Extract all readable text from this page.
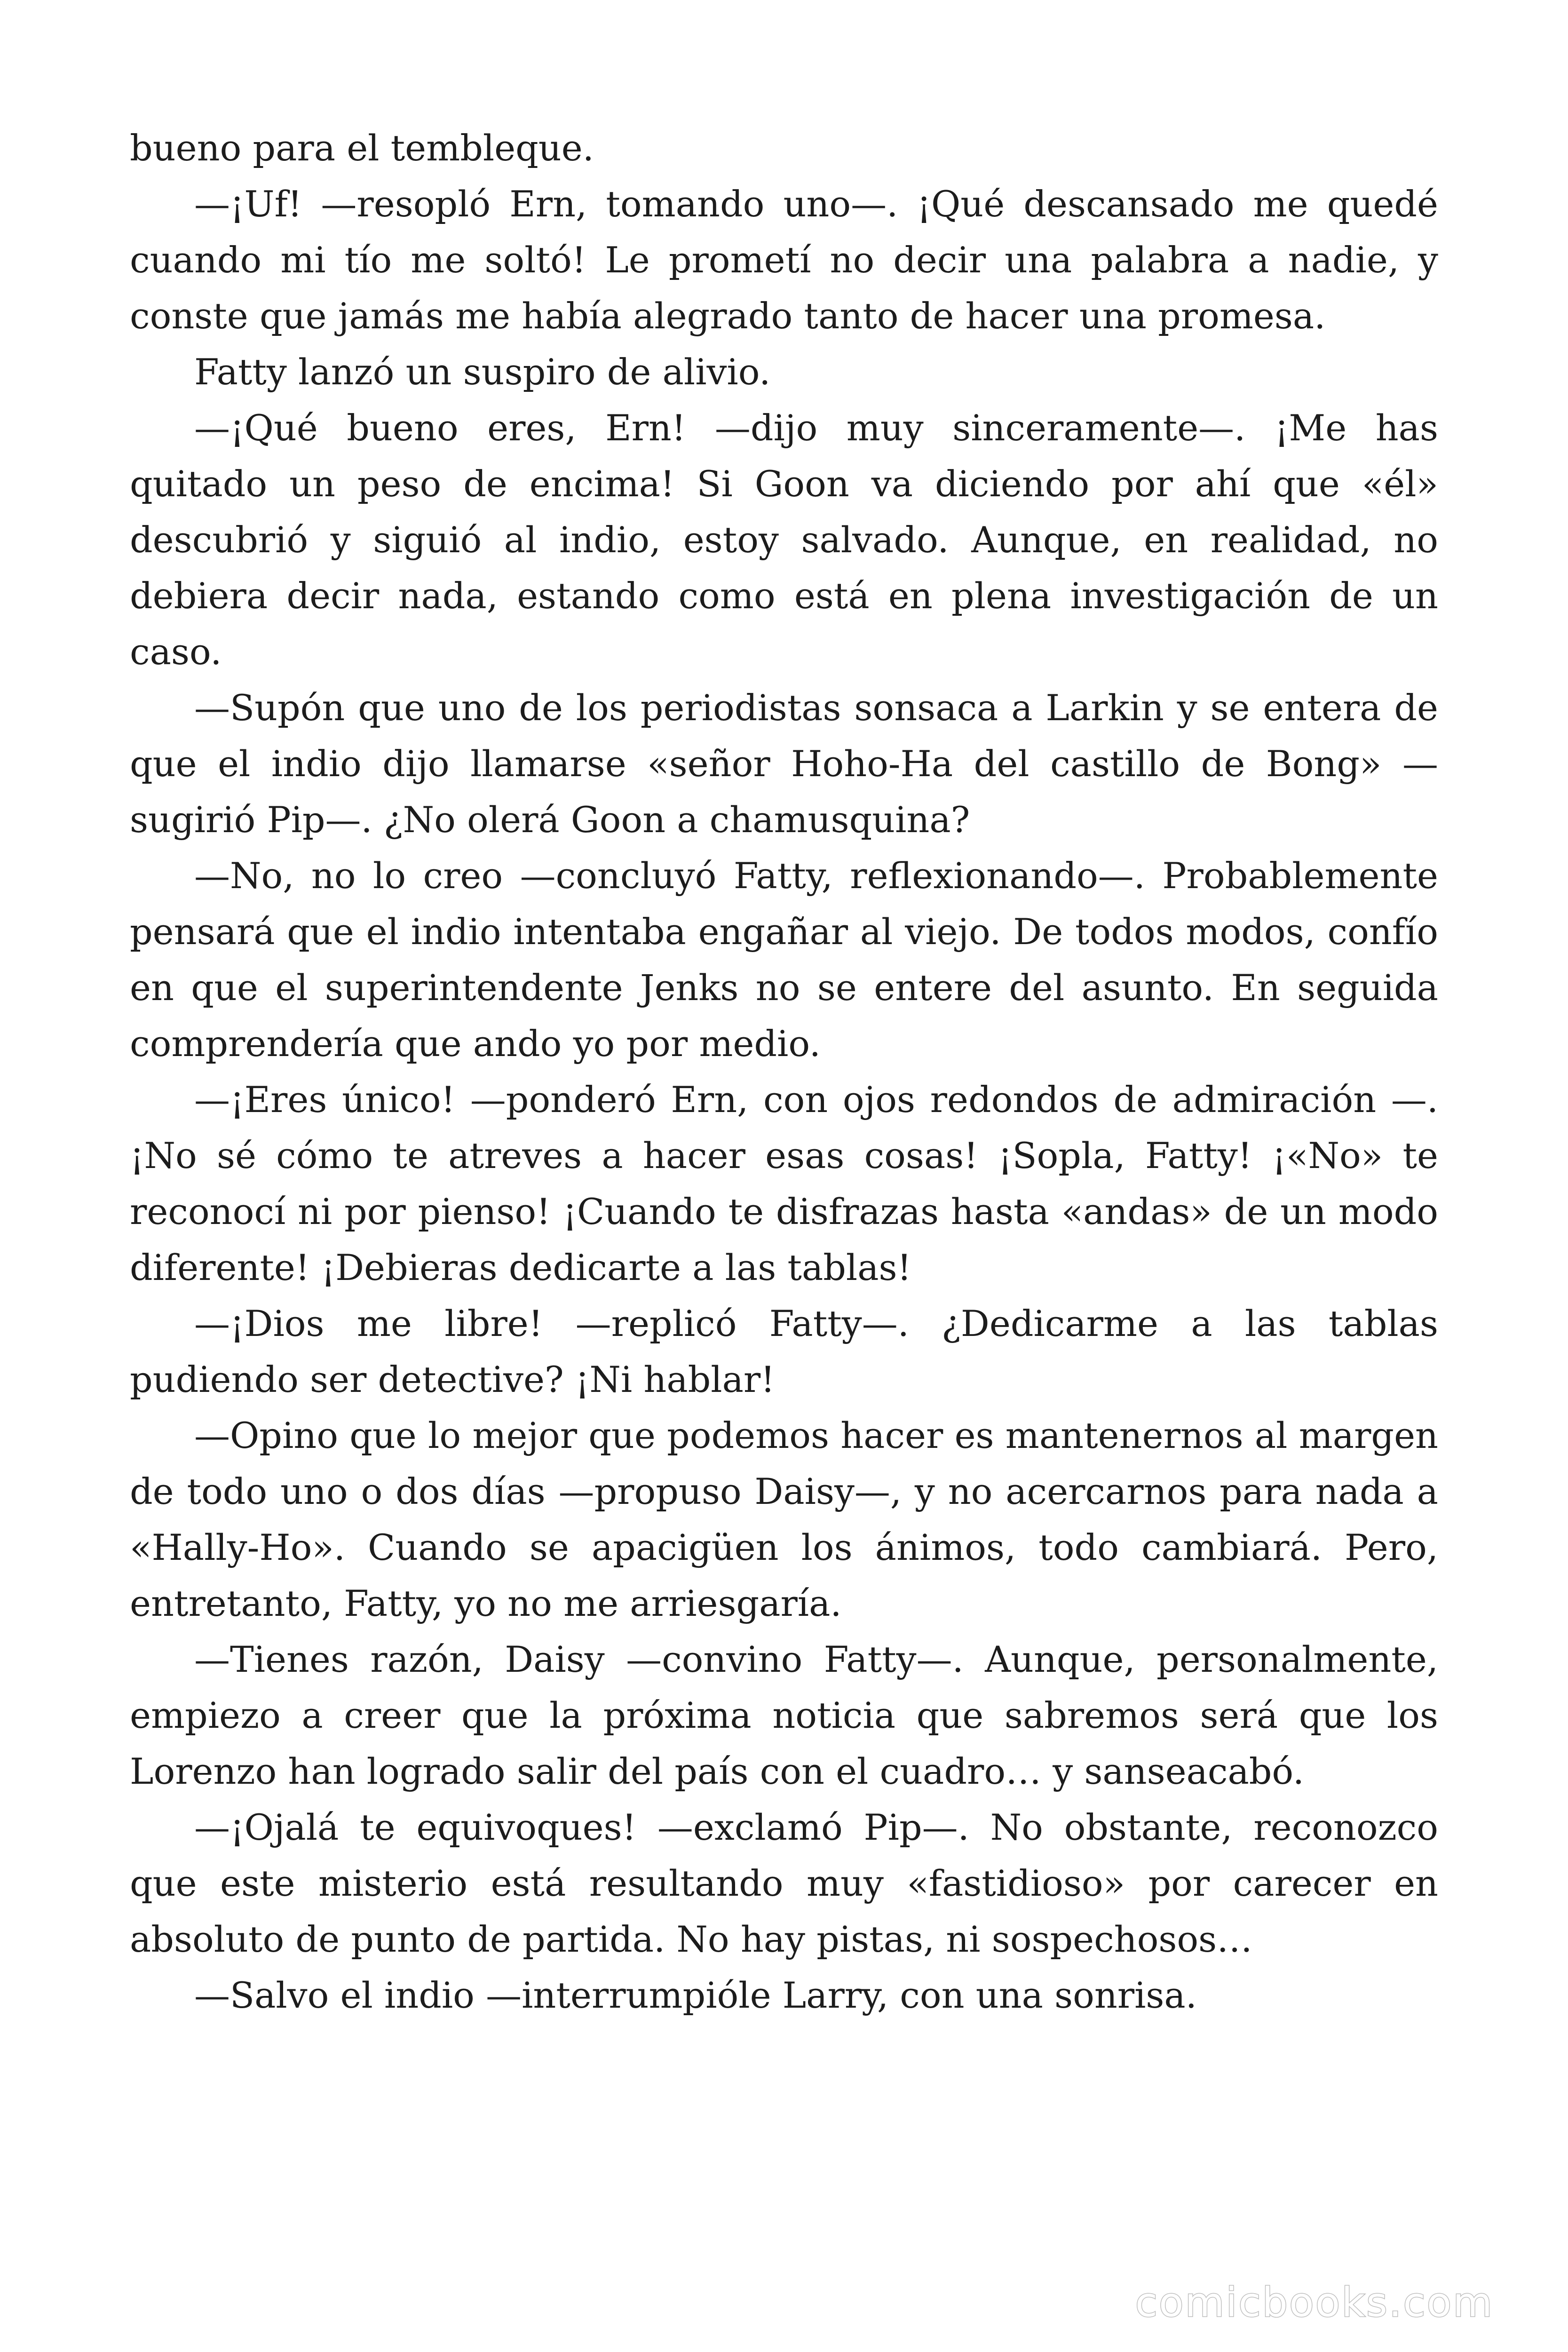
bueno para el tembleque.

—¡Uf! —resopló Ern, tomando uno—. ¡Qué descansado me quedé cuando mi tío me soltó! Le prometí no decir una palabra a nadie, y conste que jamás me había alegrado tanto de hacer una promesa.

Fatty lanzó un suspiro de alivio.

—¡Qué bueno eres, Ern! —dijo muy sinceramente—. ¡Me has quitado un peso de encima! Si Goon va diciendo por ahí que «él» descubrió y siguió al indio, estoy salvado. Aunque, en realidad, no debiera decir nada, estando como está en plena investigación de un caso.

—Supón que uno de los periodistas sonsaca a Larkin y se entera de que el indio dijo llamarse «señor Hoho-Ha del castillo de Bong» —sugirió Pip—. ¿No olerá Goon a chamusquina?

—No, no lo creo —concluyó Fatty, reflexionando—. Probablemente pensará que el indio intentaba engañar al viejo. De todos modos, confío en que el superintendente Jenks no se entere del asunto. En seguida comprendería que ando yo por medio.

—¡Eres único! —ponderó Ern, con ojos redondos de admiración —. ¡No sé cómo te atreves a hacer esas cosas! ¡Sopla, Fatty! ¡«No» te reconocí ni por pienso! ¡Cuando te disfrazas hasta «andas» de un modo diferente! ¡Debieras dedicarte a las tablas!

—¡Dios me libre! —replicó Fatty—. ¿Dedicarme a las tablas pudiendo ser detective? ¡Ni hablar!

—Opino que lo mejor que podemos hacer es mantenernos al margen de todo uno o dos días —propuso Daisy—, y no acercarnos para nada a «Hally-Ho». Cuando se apacigüen los ánimos, todo cambiará. Pero, entretanto, Fatty, yo no me arriesgaría.

—Tienes razón, Daisy —convino Fatty—. Aunque, personalmente, empiezo a creer que la próxima noticia que sabremos será que los Lorenzo han logrado salir del país con el cuadro… y sanseacabó.

—¡Ojalá te equivoques! —exclamó Pip—. No obstante, reconozco que este misterio está resultando muy «fastidioso» por carecer en absoluto de punto de partida. No hay pistas, ni sospechosos…

—Salvo el indio —interrumpióle Larry, con una sonrisa.

comicbooks.com
